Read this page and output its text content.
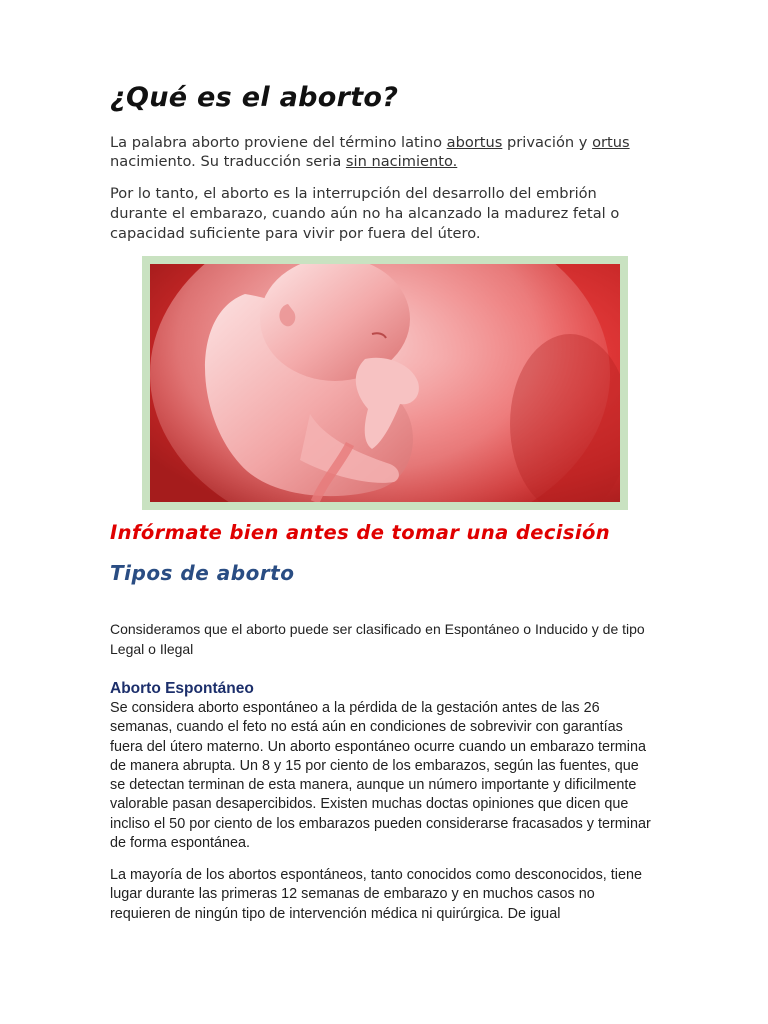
¿Qué es el aborto?

La palabra aborto proviene del término latino abortus privación y ortus nacimiento. Su traducción seria sin nacimiento.

Por lo tanto, el aborto es la interrupción del desarrollo del embrión durante el embarazo, cuando aún no ha alcanzado la madurez fetal o capacidad suficiente para vivir por fuera del útero.

Infórmate bien antes de tomar una decisión
Tipos de aborto

Consideramos que el aborto puede ser clasificado en Espontáneo o Inducido y de tipo Legal o Ilegal

Aborto Espontáneo

Se considera aborto espontáneo a la pérdida de la gestación antes de las 26 semanas, cuando el feto no está aún en condiciones de sobrevivir con garantías fuera del útero materno. Un aborto espontáneo ocurre cuando un embarazo termina de manera abrupta. Un 8 y 15 por ciento de los embarazos, según las fuentes, que se detectan terminan de esta manera, aunque un número importante y dificilmente valorable pasan desapercibidos. Existen muchas doctas opiniones que dicen que incliso el 50 por ciento de los embarazos pueden considerarse fracasados y terminar de forma espontánea.

La mayoría de los abortos espontáneos, tanto conocidos como desconocidos, tiene lugar durante las primeras 12 semanas de embarazo y en muchos casos no requieren de ningún tipo de intervención médica ni quirúrgica. De igual
